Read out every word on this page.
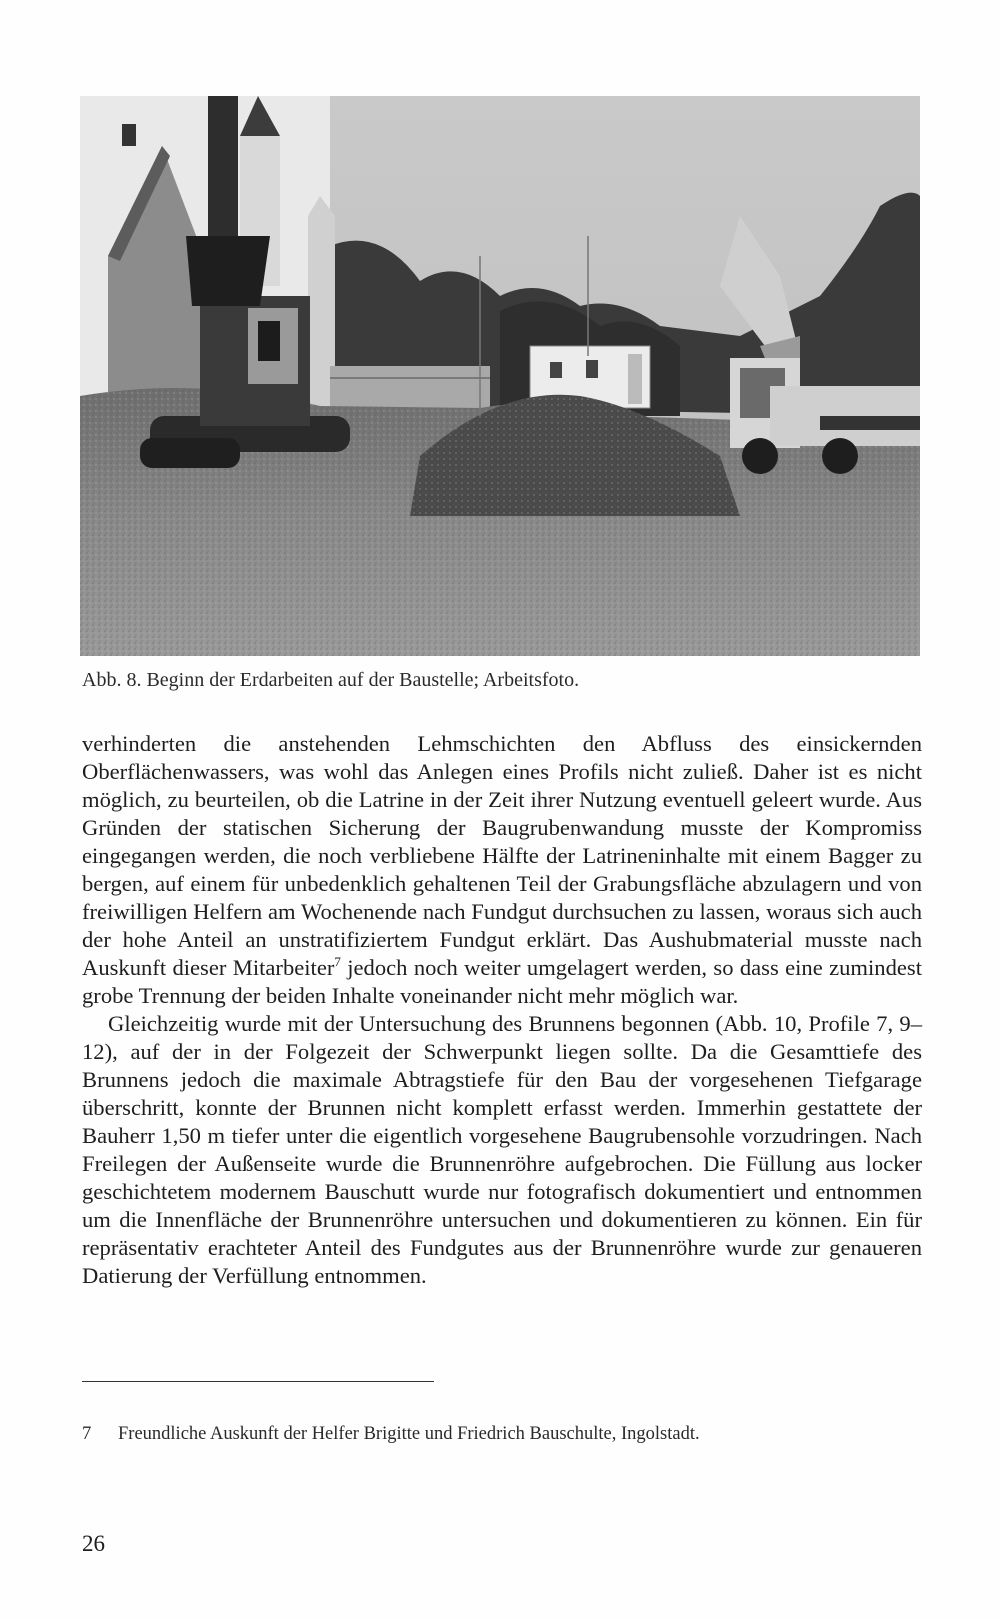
Abb. 8. Beginn der Erdarbeiten auf der Baustelle; Arbeitsfoto.

verhinderten die anstehenden Lehmschichten den Abfluss des einsickernden Oberflächenwassers, was wohl das Anlegen eines Profils nicht zuließ. Daher ist es nicht möglich, zu beurteilen, ob die Latrine in der Zeit ihrer Nutzung eventuell geleert wurde. Aus Gründen der statischen Sicherung der Baugrubenwandung musste der Kompromiss eingegangen werden, die noch verbliebene Hälfte der Latrineninhalte mit einem Bagger zu bergen, auf einem für unbedenklich gehaltenen Teil der Grabungsfläche abzulagern und von freiwilligen Helfern am Wochenende nach Fundgut durchsuchen zu lassen, woraus sich auch der hohe Anteil an unstratifiziertem Fundgut erklärt. Das Aushubmaterial musste nach Auskunft dieser Mitarbeiter$^7$ jedoch noch weiter umgelagert werden, so dass eine zumindest grobe Trennung der beiden Inhalte voneinander nicht mehr möglich war.

Gleichzeitig wurde mit der Untersuchung des Brunnens begonnen (Abb. 10, Profile 7, 9–12), auf der in der Folgezeit der Schwerpunkt liegen sollte. Da die Gesamttiefe des Brunnens jedoch die maximale Abtragstiefe für den Bau der vorgesehenen Tiefgarage überschritt, konnte der Brunnen nicht komplett erfasst werden. Immerhin gestattete der Bauherr 1,50 m tiefer unter die eigentlich vorgesehene Baugrubensohle vorzudringen. Nach Freilegen der Außenseite wurde die Brunnenröhre aufgebrochen. Die Füllung aus locker geschichtetem modernem Bauschutt wurde nur fotografisch dokumentiert und entnommen um die Innenfläche der Brunnenröhre untersuchen und dokumentieren zu können. Ein für repräsentativ erachteter Anteil des Fundgutes aus der Brunnenröhre wurde zur genaueren Datierung der Verfüllung entnommen.

7 Freundliche Auskunft der Helfer Brigitte und Friedrich Bauschulte, Ingolstadt.
26
